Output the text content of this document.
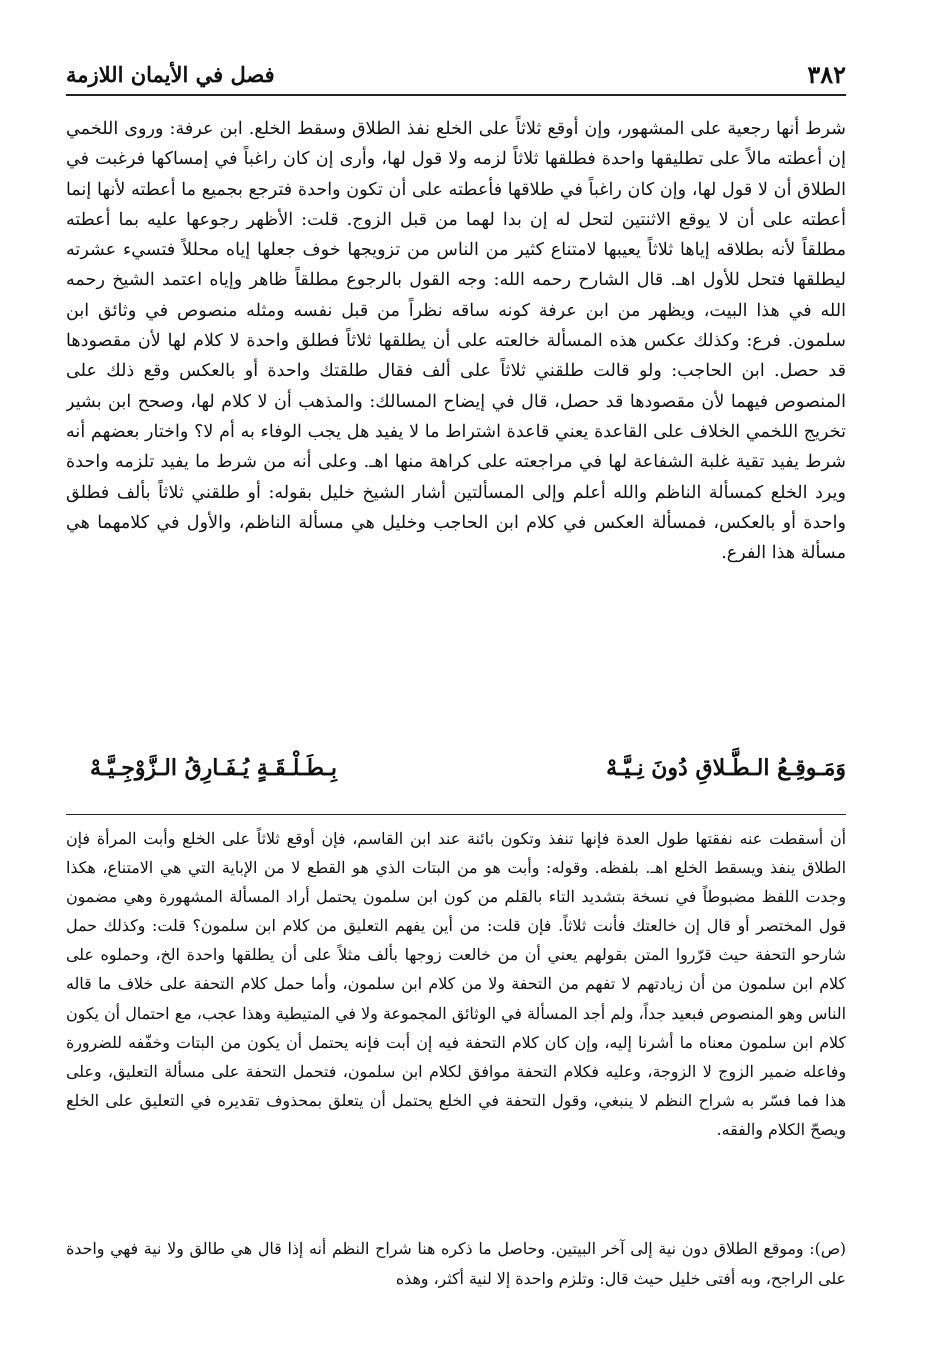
٣٨٢
فصل في الأيمان اللازمة

شرط أنها رجعية على المشهور، وإن أوقع ثلاثاً على الخلع نفذ الطلاق وسقط الخلع. ابن عرفة: وروى اللخمي إن أعطته مالاً على تطليقها واحدة فطلقها ثلاثاً لزمه ولا قول لها، وأرى إن كان راغباً في إمساكها فرغبت في الطلاق أن لا قول لها، وإن كان راغباً في طلاقها فأعطته على أن تكون واحدة فترجع بجميع ما أعطته لأنها إنما أعطته على أن لا يوقع الاثنتين لتحل له إن بدا لهما من قبل الزوج. قلت: الأظهر رجوعها عليه بما أعطته مطلقاً لأنه بطلاقه إياها ثلاثاً يعيبها لامتناع كثير من الناس من تزويجها خوف جعلها إياه محللاً فتسيء عشرته ليطلقها فتحل للأول اهـ. قال الشارح رحمه الله: وجه القول بالرجوع مطلقاً ظاهر وإياه اعتمد الشيخ رحمه الله في هذا البيت، ويظهر من ابن عرفة كونه ساقه نظراً من قبل نفسه ومثله منصوص في وثائق ابن سلمون. فرع: وكذلك عكس هذه المسألة خالعته على أن يطلقها ثلاثاً فطلق واحدة لا كلام لها لأن مقصودها قد حصل. ابن الحاجب: ولو قالت طلقني ثلاثاً على ألف فقال طلقتك واحدة أو بالعكس وقع ذلك على المنصوص فيهما لأن مقصودها قد حصل، قال في إيضاح المسالك: والمذهب أن لا كلام لها، وصحح ابن بشير تخريج اللخمي الخلاف على القاعدة يعني قاعدة اشتراط ما لا يفيد هل يجب الوفاء به أم لا؟ واختار بعضهم أنه شرط يفيد تقية غلبة الشفاعة لها في مراجعته على كراهة منها اهـ. وعلى أنه من شرط ما يفيد تلزمه واحدة ويرد الخلع كمسألة الناظم والله أعلم وإلى المسألتين أشار الشيخ خليل بقوله: أو طلقني ثلاثاً بألف فطلق واحدة أو بالعكس، فمسألة العكس في كلام ابن الحاجب وخليل هي مسألة الناظم، والأول في كلامهما هي مسألة هذا الفرع.

وَمَـوقِـعُ الـطَّـلاقِ دُونَ نِـيَّـهْ
بِـطَـلْـقَـةٍ يُـفَـارِقُ الـزَّوْجِـيَّـهْ

أن أسقطت عنه نفقتها طول العدة فإنها تنفذ وتكون بائنة عند ابن القاسم، فإن أوقع ثلاثاً على الخلع وأبت المرأة فإن الطلاق ينفذ ويسقط الخلع اهـ. بلفظه. وقوله: وأبت هو من البتات الذي هو القطع لا من الإباية التي هي الامتناع، هكذا وجدت اللفظ مضبوطاً في نسخة بتشديد التاء بالقلم من كون ابن سلمون يحتمل أراد المسألة المشهورة وهي مضمون قول المختصر أو قال إن خالعتك فأنت ثلاثاً. فإن قلت: من أين يفهم التعليق من كلام ابن سلمون؟ قلت: وكذلك حمل شارحو التحفة حيث قرّروا المتن بقولهم يعني أن من خالعت زوجها بألف مثلاً على أن يطلقها واحدة الخ، وحملوه على كلام ابن سلمون من أن زيادتهم لا تفهم من التحفة ولا من كلام ابن سلمون، وأما حمل كلام التحفة على خلاف ما قاله الناس وهو المنصوص فبعيد جداً، ولم أجد المسألة في الوثائق المجموعة ولا في المتيطية وهذا عجب، مع احتمال أن يكون كلام ابن سلمون معناه ما أشرنا إليه، وإن كان كلام التحفة فيه إن أبت فإنه يحتمل أن يكون من البتات وخفّفه للضرورة وفاعله ضمير الزوج لا الزوجة، وعليه فكلام التحفة موافق لكلام ابن سلمون، فتحمل التحفة على مسألة التعليق، وعلى هذا فما فسّر به شراح النظم لا ينبغي، وقول التحفة في الخلع يحتمل أن يتعلق بمحذوف تقديره في التعليق على الخلع ويصحّ الكلام والفقه.

(ص): وموقع الطلاق دون نية إلى آخر البيتين. وحاصل ما ذكره هنا شراح النظم أنه إذا قال هي طالق ولا نية فهي واحدة على الراجح، وبه أفتى خليل حيث قال: وتلزم واحدة إلا لنية أكثر، وهذه
